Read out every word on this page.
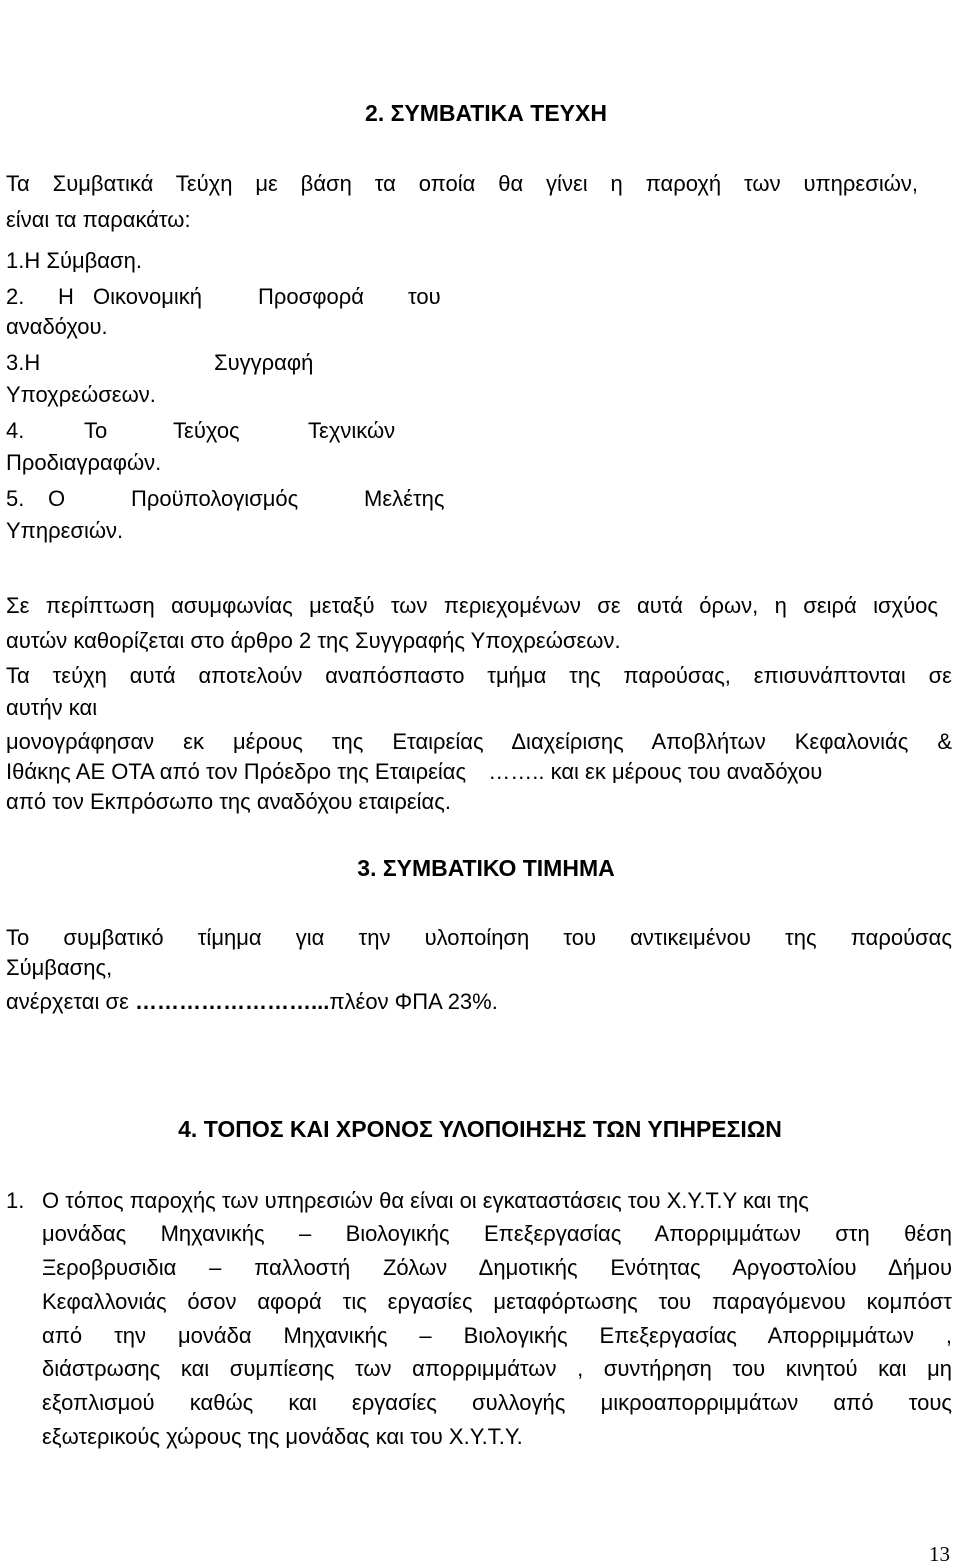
2. ΣΥΜΒΑΤΙΚΑ ΤΕΥΧΗ
Τα Συμβατικά Τεύχη με βάση τα οποία θα γίνει η παροχή των υπηρεσιών,
είναι τα παρακάτω:
1.Η Σύμβαση.
2. Η Οικονομική	Προσφορά του
αναδόχου.
3.Η	Συγγραφή
Υποχρεώσεων.
4.	Το	Τεύχος	Τεχνικών
Προδιαγραφών.
5. Ο	Προϋπολογισμός	Μελέτης
Υπηρεσιών.
Σε περίπτωση ασυμφωνίας μεταξύ των περιεχομένων σε αυτά όρων, η σειρά ισχύος
αυτών καθορίζεται στο άρθρο 2 της Συγγραφής Υποχρεώσεων.
Τα τεύχη αυτά αποτελούν αναπόσπαστο τμήμα της παρούσας, επισυνάπτονται σε
αυτήν και
μονογράφησαν εκ μέρους της Εταιρείας Διαχείρισης Αποβλήτων Κεφαλονιάς &
Ιθάκης ΑΕ ΟΤΑ από τον Πρόεδρο της Εταιρείας …….. και εκ μέρους του αναδόχου
από τον Εκπρόσωπο της αναδόχου εταιρείας.
3. ΣΥΜΒΑΤΙΚΟ ΤΙΜΗΜΑ
Το συμβατικό τίμημα για την υλοποίηση του αντικειμένου της παρούσας
Σύμβασης,
ανέρχεται σε ……………………...πλέον ΦΠΑ 23%.
4. ΤΟΠΟΣ ΚΑΙ ΧΡΟΝΟΣ ΥΛΟΠΟΙΗΣΗΣ ΤΩΝ ΥΠΗΡΕΣΙΩΝ
1. Ο τόπος παροχής των υπηρεσιών θα είναι οι εγκαταστάσεις του Χ.Υ.Τ.Υ και της
μονάδας Μηχανικής – Βιολογικής Επεξεργασίας Απορριμμάτων στη θέση
Ξεροβρυσιδια – παλλοστή Ζόλων Δημοτικής Ενότητας Αργοστολίου Δήμου
Κεφαλλονιάς όσον αφορά τις εργασίες μεταφόρτωσης του παραγόμενου κομπόστ
από την μονάδα Μηχανικής – Βιολογικής Επεξεργασίας Απορριμμάτων ,
διάστρωσης και συμπίεσης των απορριμμάτων , συντήρηση του κινητού και μη
εξοπλισμού καθώς και εργασίες συλλογής μικροαπορριμμάτων από τους
εξωτερικούς χώρους της μονάδας και του Χ.Υ.Τ.Υ.
13
